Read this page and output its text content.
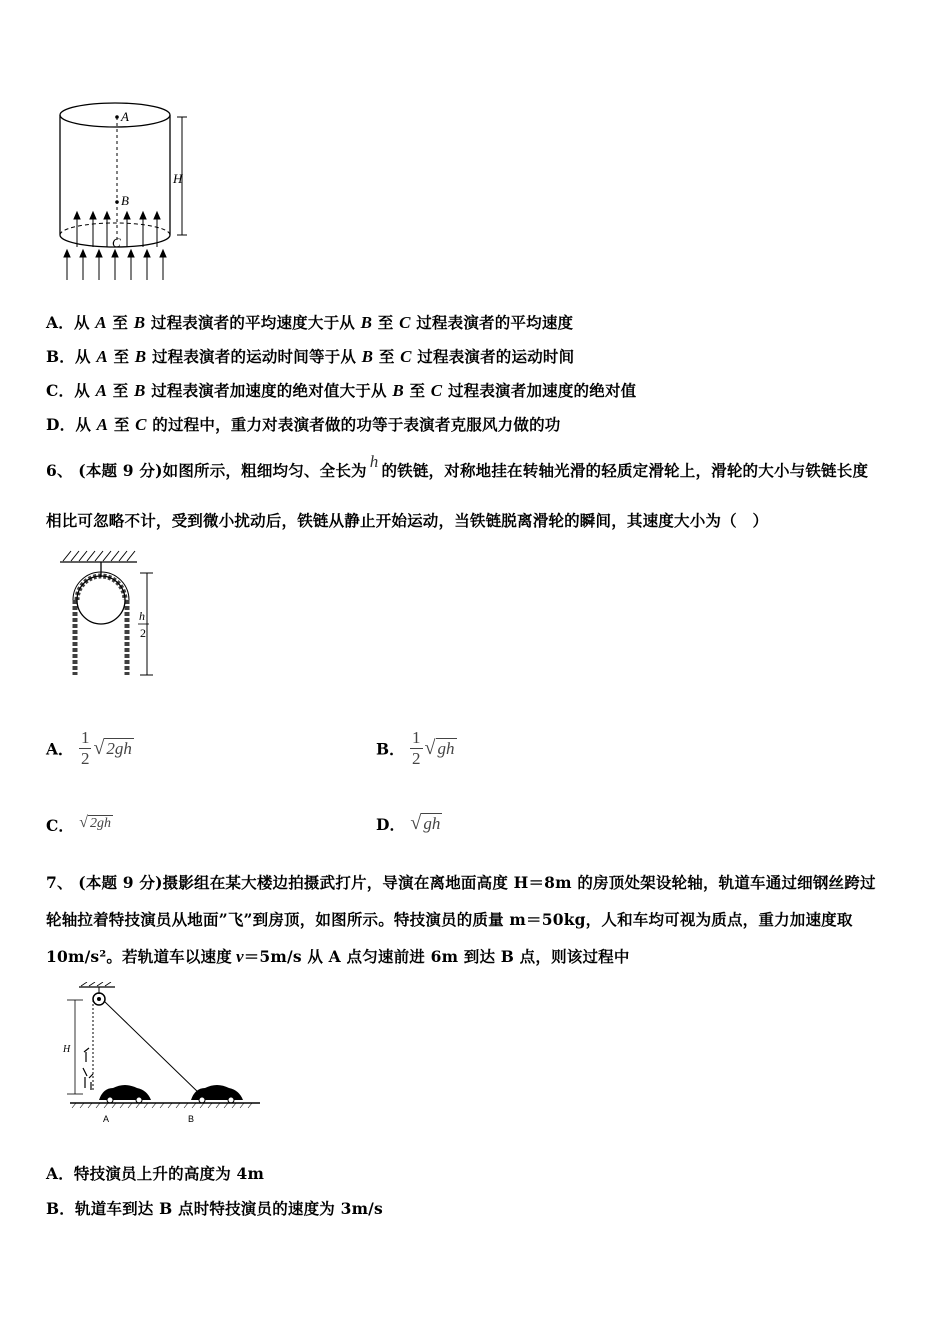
A
B
C
H
A．从 A 至 B 过程表演者的平均速度大于从 B 至 C 过程表演者的平均速度
B．从 A 至 B 过程表演者的运动时间等于从 B 至 C 过程表演者的运动时间
C．从 A 至 B 过程表演者加速度的绝对值大于从 B 至 C 过程表演者加速度的绝对值
D．从 A 至 C 的过程中，重力对表演者做的功等于表演者克服风力做的功
6、 (本题 9 分)如图所示，粗细均匀、全长为 h 的铁链，对称地挂在转轴光滑的轻质定滑轮上，滑轮的大小与铁链长度
相比可忽略不计，受到微小扰动后，铁链从静止开始运动，当铁链脱离滑轮的瞬间，其速度大小为（　）
h
2
A． $\frac{1}{2}$ √ 2gh	B． $\frac{1}{2}$ √ gh
C． √ 2gh	D． √ gh
7、 (本题 9 分)摄影组在某大楼边拍摄武打片，导演在离地面高度 H＝8m 的房顶处架设轮轴，轨道车通过细钢丝跨过
轮轴拉着特技演员从地面”飞”到房顶，如图所示。特技演员的质量 m＝50kg，人和车均可视为质点，重力加速度取
10m/s²。若轨道车以速度 v＝5m/s 从 A 点匀速前进 6m 到达 B 点，则该过程中
H
A	B
A．特技演员上升的高度为 4m
B．轨道车到达 B 点时特技演员的速度为 3m/s
